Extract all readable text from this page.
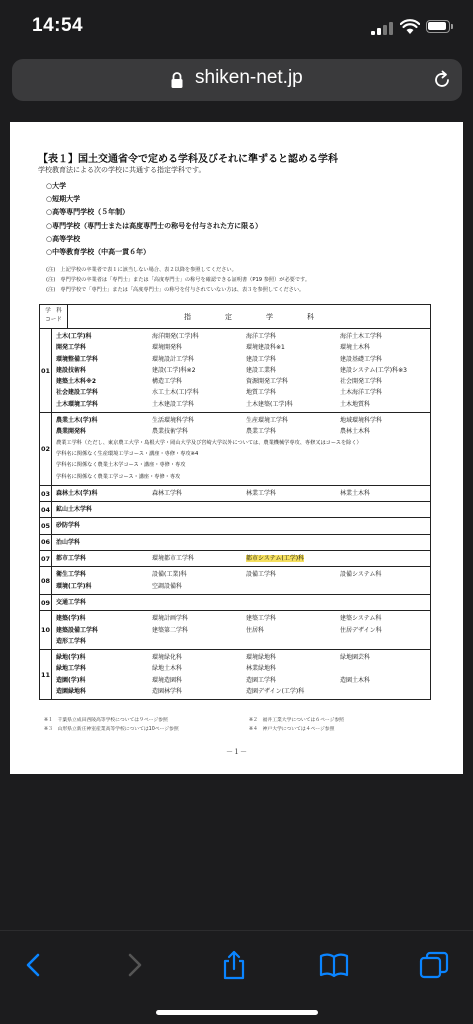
14:54
shiken-net.jp
【表１】国土交通省令で定める学科及びそれに準ずると認める学科
学校教育法による次の学校に共通する指定学科です。
○大学
○短期大学
○高等専門学校（５年制）
○専門学校（専門士または高度専門士の称号を付与された方に限る）
○高等学校
○中等教育学校（中高一貫６年）
(注)　上記学校の卒業者で表１に該当しない場合、表２以降を参照してください。
(注)　専門学校の卒業者は「専門士」または「高度専門士」の称号を確認できる証明書（P19 参照）が必要です。
(注)　専門学校で「専門士」または「高度専門士」の称号を付与されていない方は、表３を参照してください。
学　科
コード	指定学科
01
土木(工学)科	海洋開発(工学)科	海洋工学科	海洋土木工学科
開発工学科	環境開発科	環境建設科※1	環境土木科
環境整備工学科	環境設計工学科	建設工学科	建設基礎工学科
建設技術科	建設(工学)科※2	建設工業科	建設システム(工学)科※3
建築土木科※2	構造工学科	資源開発工学科	社会開発工学科
社会建設工学科	水工土木(工)学科	地質工学科	土木海洋工学科
土木環境工学科	土木建設工学科	土木建築(工学)科	土木地質科
02
農業土木(学)科	生活環境科学科	生産環境工学科	地域環境科学科
農業開発科	農業技術学科	農業工学科	農林土木科
農業工学科（ただし、東京農工大学・島根大学・岡山大学及び宮崎大学以外については、農業機械学専攻、専修又はコースを除く）
学科名に関係なく生産環境工学コース・講座・専修・専攻※4
学科名に関係なく農業土木学コース・講座・専修・専攻
学科名に関係なく農業工学コース・講座・専修・専攻
03 森林土木(学)科	森林工学科	林業工学科	林業土木科
04 鉱山土木学科
05 砂防学科
06 治山学科
07 都市工学科	環境都市工学科	都市システム(工学)科
08
衛生工学科	設備(工業)科	設備工学科	設備システム科
環境(工学)科	空調設備科
09 交通工学科
10
建築(学)科	環境計画学科	建築工学科	建築システム科
建築設備工学科	建築第二学科	住居科	住居デザイン科
造形工学科
11
緑地(学)科	環境緑化科	環境緑地科	緑地園芸科
緑地工学科	緑地土木科	林業緑地科
造園(学)科	環境造園科	造園工学科	造園土木科
造園緑地科	造園林学科	造園デザイン(工学)科
※１　千葉県立成田西陵高等学校については９ページ参照	※２　福井工業大学については６ページ参照
※３　山形県立新庄神室産業高等学校については10ページ参照	※４　神戸大学については４ページ参照
－１－
